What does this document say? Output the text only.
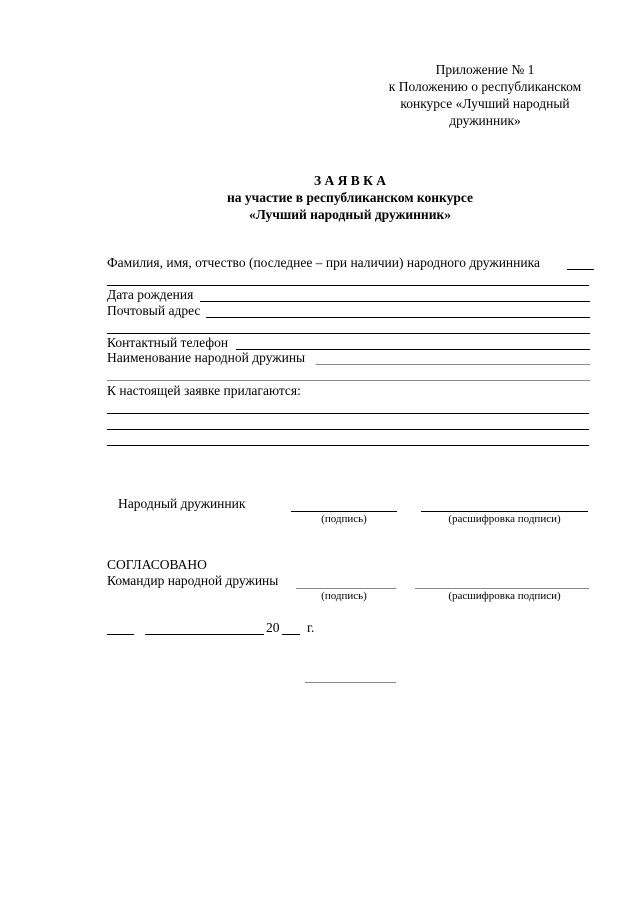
Приложение № 1
к Положению о республиканском
конкурсе «Лучший народный
дружинник»
З А Я В К А
на участие в республиканском конкурсе
«Лучший народный дружинник»
Фамилия, имя, отчество (последнее – при наличии) народного дружинника
Дата рождения
Почтовый адрес
Контактный телефон
Наименование народной дружины
К настоящей заявке прилагаются:
Народный дружинник
(подпись)	(расшифровка подписи)
СОГЛАСОВАНО
Командир народной дружины
(подпись)	(расшифровка подписи)
20 г.
